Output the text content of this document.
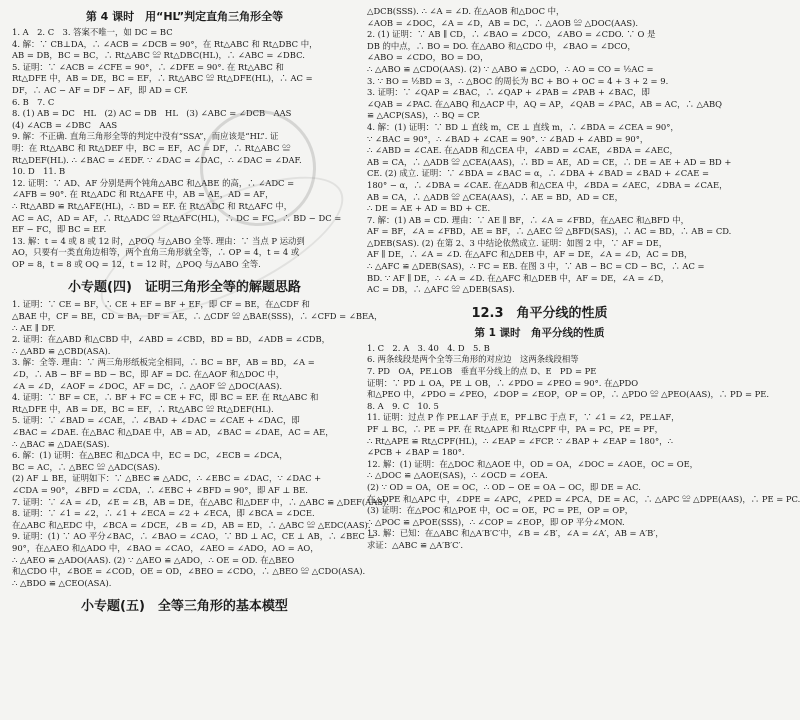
第 4 课时　用“HL”判定直角三角形全等
1. A　2. C　3. 答案不唯一，如 DC = BC
4. 解：∵ CB⊥DA，∴ ∠ACB = ∠DCB = 90°，在 Rt△ABC 和 Rt△DBC 中，
AB = DB，BC = BC，∴ Rt△ABC ≌ Rt△DBC(HL)，∴ ∠ABC = ∠DBC.
5. 证明：∵ ∠ACB = ∠CFE = 90°，∴ ∠DFE = 90°. 在 Rt△ABC 和
Rt△DFE 中，AB = DE，BC = EF，∴ Rt△ABC ≌ Rt△DFE(HL)，∴ AC =
DF，∴ AC − AF = DF − AF，即 AD = CF.
6. B　7. C
8. (1) AB = DC　HL　(2) AC = DB　HL　(3) ∠ABC = ∠DCB　AAS
(4) ∠ACB = ∠DBC　AAS
9. 解：不正确. 直角三角形全等的判定中没有“SSA”，而应该是“HL”. 证
明：在 Rt△ABC 和 Rt△DEF 中，BC = EF，AC = DF，∴ Rt△ABC ≌
Rt△DEF(HL). ∴ ∠BAC = ∠EDF. ∵ ∠DAC = ∠DAC，∴ ∠DAC = ∠DAF.
10. D　11. B
12. 证明：∵ AD、AF 分别是两个钝角△ABC 和△ABE 的高，∴ ∠ADC =
∠AFB = 90°. 在 Rt△ADC 和 Rt△AFE 中，AB = AE，AD = AF，
∴ Rt△ABD ≌ Rt△AFE(HL)，∴ BD = EF. 在 Rt△ADC 和 Rt△AFC 中，
AC = AC，AD = AF，∴ Rt△ADC ≌ Rt△AFC(HL)，∴ DC = FC，∴ BD − DC =
EF − FC，即 BC = EF.
13. 解：t = 4 或 8 或 12 时，△POQ 与△ABO 全等. 理由：∵ 当点 P 运动到
AO，只要有一类直角边相等，两个直角三角形就全等，∴ OP = 4，t = 4 或
OP = 8，t = 8 或 OQ = 12，t = 12 时，△POQ 与△ABO 全等.
小专题(四)　证明三角形全等的解题思路
1. 证明：∵ CE = BF，∴ CE + EF = BF + EF，即 CF = BE，在△CDF 和
△BAE 中，CF = BE，CD = BA，DF = AE，∴ △CDF ≌ △BAE(SSS)，∴ ∠CFD = ∠BEA，
∴ AE ∥ DF.
2. 证明：在△ABD 和△CBD 中，∠ABD = ∠CBD，BD = BD，∠ADB = ∠CDB，
∴ △ABD ≌ △CBD(ASA).
3. 解：全等. 理由：∵ 两三角形纸板完全相同，∴ BC = BF，AB = BD，∠A =
∠D，∴ AB − BF = BD − BC，即 AF = DC. 在△AOF 和△DOC 中，
∠A = ∠D，∠AOF = ∠DOC，AF = DC，∴ △AOF ≌ △DOC(AAS).
4. 证明：∵ BF = CE，∴ BF + FC = CE + FC，即 BC = EF. 在 Rt△ABC 和
Rt△DFE 中，AB = DE，BC = EF，∴ Rt△ABC ≌ Rt△DEF(HL).
5. 证明：∵ ∠BAD = ∠CAE，∴ ∠BAD + ∠DAC = ∠CAE + ∠DAC，即
∠BAC = ∠DAE. 在△BAC 和△DAE 中，AB = AD，∠BAC = ∠DAE，AC = AE，
∴ △BAC ≌ △DAE(SAS).
6. 解：(1) 证明：在△BEC 和△DCA 中，EC = DC，∠ECB = ∠DCA，
BC = AC，∴ △BEC ≌ △ADC(SAS).
(2) AF ⊥ BE，证明如下：∵ △BEC ≌ △ADC，∴ ∠EBC = ∠DAC，∵ ∠DAC +
∠CDA = 90°，∠BFD = ∠CDA，∴ ∠EBC + ∠BFD = 90°，即 AF ⊥ BE.
7. 证明：∵ ∠A = ∠D，∠E = ∠B，AB = DE，在△ABC 和△DEF 中，∴ △ABC ≌ △DEF(AAS).
8. 证明：∵ ∠1 = ∠2，∴ ∠1 + ∠ECA = ∠2 + ∠ECA，即 ∠BCA = ∠DCE.
在△ABC 和△EDC 中，∠BCA = ∠DCE，∠B = ∠D，AB = ED，∴ △ABC ≌ △EDC(AAS).
9. 证明：(1) ∵ AO 平分∠BAC，∴ ∠BAO = ∠CAO，∵ BD ⊥ AC，CE ⊥ AB，∴ ∠BEC =
90°，在△AEO 和△ADO 中，∠BAO = ∠CAO，∠AEO = ∠ADO，AO = AO，
∴ △AEO ≌ △ADO(AAS). (2) ∵ △AEO ≌ △ADO，∴ OE = OD. 在△BEO
和△CDO 中，∠BOE = ∠COD，OE = OD，∠BEO = ∠CDO，∴ △BEO ≌ △CDO(ASA).
∴ △BDO ≌ △CEO(ASA).
小专题(五)　全等三角形的基本模型
△DCB(SSS). ∴ ∠A = ∠D. 在△AOB 和△DOC 中，
∠AOB = ∠DOC，∠A = ∠D，AB = DC，∴ △AOB ≌ △DOC(AAS).
2. (1) 证明：∵ AB ∥ CD，∴ ∠BAO = ∠DCO，∠ABO = ∠CDO. ∵ O 是
DB 的中点，∴ BO = DO. 在△ABO 和△CDO 中，∠BAO = ∠DCO，
∠ABO = ∠CDO，BO = DO，
∴ △ABO ≌ △CDO(AAS). (2) ∵ △ABO ≌ △CDO，∴ AO = CO = ½AC =
3. ∵ BO = ½BD = 3，∴ △BOC 的周长为 BC + BO + OC = 4 + 3 + 2 = 9.
3. 证明：∵ ∠QAP = ∠BAC，∴ ∠QAP + ∠PAB = ∠PAB + ∠BAC，即
∠QAB = ∠PAC. 在△ABQ 和△ACP 中，AQ = AP，∠QAB = ∠PAC，AB = AC，∴ △ABQ
≌ △ACP(SAS)，∴ BQ = CP.
4. 解：(1) 证明：∵ BD ⊥ 直线 m，CE ⊥ 直线 m，∴ ∠BDA = ∠CEA = 90°，
∵ ∠BAC = 90°，∴ ∠BAD + ∠CAE = 90°. ∵ ∠BAD + ∠ABD = 90°，
∴ ∠ABD = ∠CAE. 在△ADB 和△CEA 中，∠ABD = ∠CAE，∠BDA = ∠AEC，
AB = CA，∴ △ADB ≌ △CEA(AAS)，∴ BD = AE，AD = CE，∴ DE = AE + AD = BD +
CE. (2) 成立. 证明：∵ ∠BDA = ∠BAC = α，∴ ∠DBA + ∠BAD = ∠BAD + ∠CAE =
180° − α，∴ ∠DBA = ∠CAE. 在△ADB 和△CEA 中，∠BDA = ∠AEC，∠DBA = ∠CAE，
AB = CA，∴ △ADB ≌ △CEA(AAS)，∴ AE = BD，AD = CE，
∴ DE = AE + AD = BD + CE.
7. 解：(1) AB = CD. 理由：∵ AE ∥ BF，∴ ∠A = ∠FBD，在△AEC 和△BFD 中，
AF = BF，∠A = ∠FBD，AE = BF，∴ △AEC ≌ △BFD(SAS)，∴ AC = BD，∴ AB = CD.
△DEB(SAS). (2) 在第 2、3 中结论依然成立. 证明：如图 2 中，∵ AF = DE，
AF ∥ DE，∴ ∠A = ∠D. 在△AFC 和△DEB 中，AF = DE，∠A = ∠D，AC = DB，
∴ △AFC ≌ △DEB(SAS)，∴ FC = EB. 在图 3 中，∵ AB − BC = CD − BC，∴ AC =
BD. ∵ AF ∥ DE，∴ ∠A = ∠D. 在△AFC 和△DEB 中，AF = DE，∠A = ∠D，
AC = DB，∴ △AFC ≌ △DEB(SAS).
12.3　角平分线的性质
第 1 课时　角平分线的性质
1. C　2. A　3. 40　4. D　5. B
6. 两条线段是两个全等三角形的对应边　这两条线段相等
7. PD　OA，PE⊥OB　垂直平分线上的点 D、E　PD = PE
证明：∵ PD ⊥ OA，PE ⊥ OB，∴ ∠PDO = ∠PEO = 90°. 在△PDO
和△PEO 中，∠PDO = ∠PEO，∠DOP = ∠EOP，OP = OP，∴ △PDO ≌ △PEO(AAS)，∴ PD = PE.
8. A　9. C　10. 5
11. 证明：过点 P 作 PE⊥AF 于点 E，PF⊥BC 于点 F，∵ ∠1 = ∠2，PE⊥AF，
PF ⊥ BC，∴ PE = PF. 在 Rt△APE 和 Rt△CPF 中，PA = PC，PE = PF，
∴ Rt△APE ≌ Rt△CPF(HL)，∴ ∠EAP = ∠FCP. ∵ ∠BAP + ∠EAP = 180°，∴
∠PCB + ∠BAP = 180°.
12. 解：(1) 证明：在△DOC 和△AOE 中，OD = OA，∠DOC = ∠AOE，OC = OE，
∴ △DOC ≌ △AOE(SAS)，∴ ∠OCD = ∠OEA.
(2) ∵ OD = OA，OE = OC，∴ OD − OE = OA − OC，即 DE = AC.
在△DPE 和△APC 中，∠DPE = ∠APC，∠PED = ∠PCA，DE = AC，∴ △APC ≌ △DPE(AAS)，∴ PE = PC.
(3) 证明：在△POC 和△POE 中，OC = OE，PC = PE，OP = OP，
∴ △POC ≌ △POE(SSS)，∴ ∠COP = ∠EOP，即 OP 平分∠MON.
13. 解：已知：在△ABC 和△A′B′C′中，∠B = ∠B′，∠A = ∠A′，AB = A′B′，
求证：△ABC ≌ △A′B′C′.
